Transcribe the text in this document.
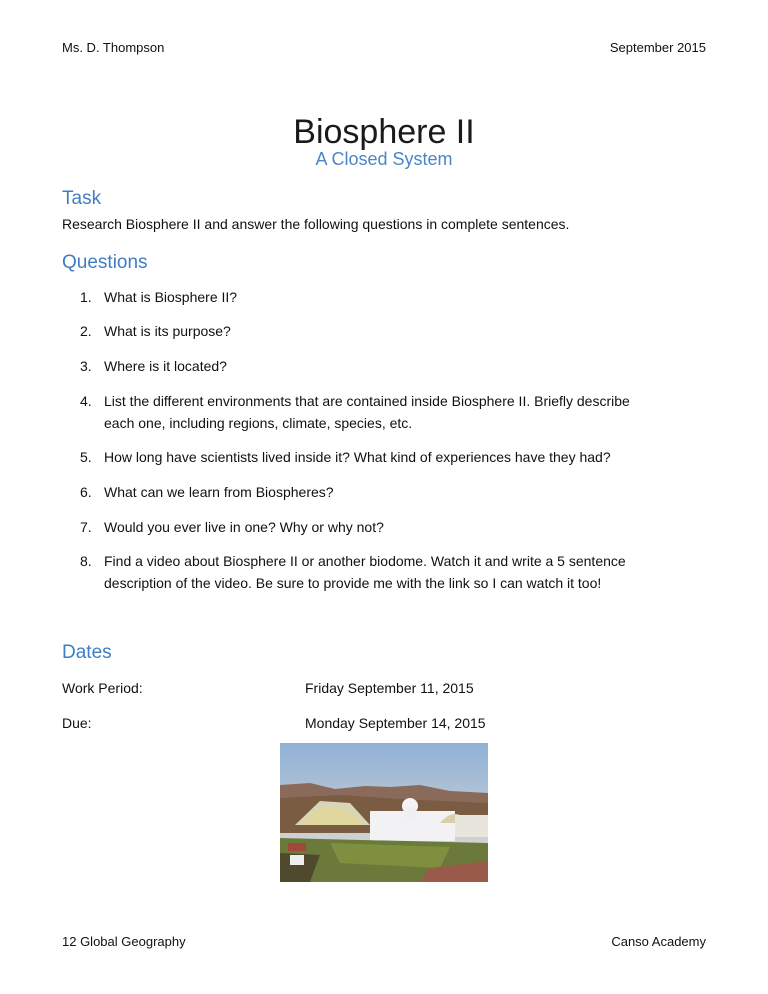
Ms. D. Thompson	September 2015
Biosphere II
A Closed System
Task
Research Biosphere II and answer the following questions in complete sentences.
Questions
1. What is Biosphere II?
2. What is its purpose?
3. Where is it located?
4. List the different environments that are contained inside Biosphere II. Briefly describe
each one, including regions, climate, species, etc.
5. How long have scientists lived inside it? What kind of experiences have they had?
6. What can we learn from Biospheres?
7. Would you ever live in one? Why or why not?
8. Find a video about Biosphere II or another biodome. Watch it and write a 5 sentence
description of the video. Be sure to provide me with the link so I can watch it too!
Dates
Work Period:	Friday September 11, 2015
Due:	Monday September 14, 2015
12 Global Geography	Canso Academy
